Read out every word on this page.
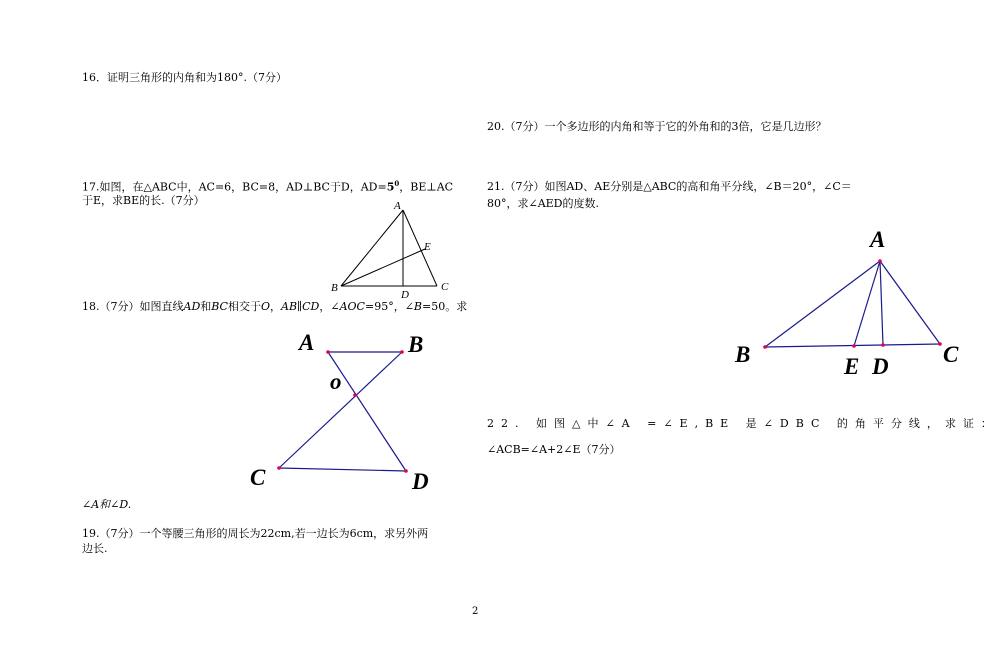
16．证明三角形的内角和为180°.（7分）
17.如图，在△ABC中，AC=6，BC=8，AD⊥BC于D，$AD=5^0$，BE⊥AC
于E，求BE的长.（7分）	A
B	C
D
E
18.（7分）如图直线AD和BC相交于O，AB∥CD，∠AOC=95°，∠B=50。求
A	B
o
C	D
∠A和∠D.
19.（7分）一个等腰三角形的周长为22cm,若一边长为6cm，求另外两
边长.
20.（7分）一个多边形的内角和等于它的外角和的3倍，它是几边形？
21.（7分）如图AD、AE分别是△ABC的高和角平分线，∠B＝20°，∠C＝
80°，求∠AED的度数.
A
B	E D C
22. 如图△中∠A =∠E,BE 是∠DBC 的角平分线，求证：
∠ACB=∠A+2∠E（7分）
2
